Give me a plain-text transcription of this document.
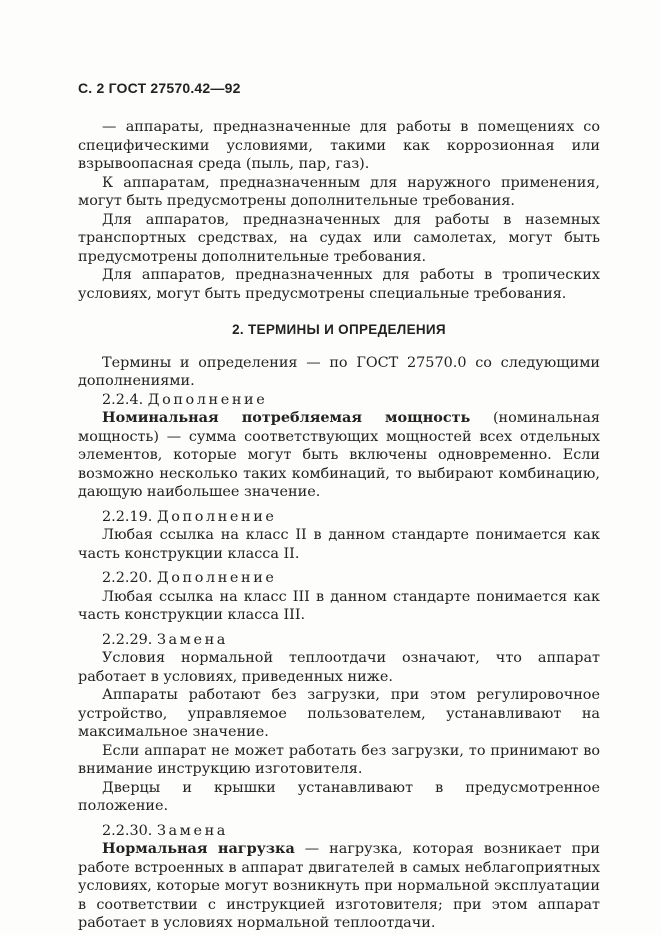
С. 2 ГОСТ 27570.42—92

— аппараты, предназначенные для работы в помещениях со специфическими условиями, такими как коррозионная или взрывоопасная среда (пыль, пар, газ).

К аппаратам, предназначенным для наружного применения, могут быть предусмотрены дополнительные требования.

Для аппаратов, предназначенных для работы в наземных транспортных средствах, на судах или самолетах, могут быть предусмотрены дополнительные требования.

Для аппаратов, предназначенных для работы в тропических условиях, могут быть предусмотрены специальные требования.

2. ТЕРМИНЫ И ОПРЕДЕЛЕНИЯ

Термины и определения — по ГОСТ 27570.0 со следующими дополнениями.

2.2.4. Дополнение

Номинальная потребляемая мощность (номинальная мощность) — сумма соответствующих мощностей всех отдельных элементов, которые могут быть включены одновременно. Если возможно несколько таких комбинаций, то выбирают комбинацию, дающую наибольшее значение.

2.2.19. Дополнение

Любая ссылка на класс II в данном стандарте понимается как часть конструкции класса II.

2.2.20. Дополнение

Любая ссылка на класс III в данном стандарте понимается как часть конструкции класса III.

2.2.29. Замена

Условия нормальной теплоотдачи означают, что аппарат работает в условиях, приведенных ниже.

Аппараты работают без загрузки, при этом регулировочное устройство, управляемое пользователем, устанавливают на максимальное значение.

Если аппарат не может работать без загрузки, то принимают во внимание инструкцию изготовителя.

Дверцы и крышки устанавливают в предусмотренное положение.

2.2.30. Замена

Нормальная нагрузка — нагрузка, которая возникает при работе встроенных в аппарат двигателей в самых неблагоприятных условиях, которые могут возникнуть при нормальной эксплуатации в соответствии с инструкцией изготовителя; при этом аппарат работает в условиях нормальной теплоотдачи.
